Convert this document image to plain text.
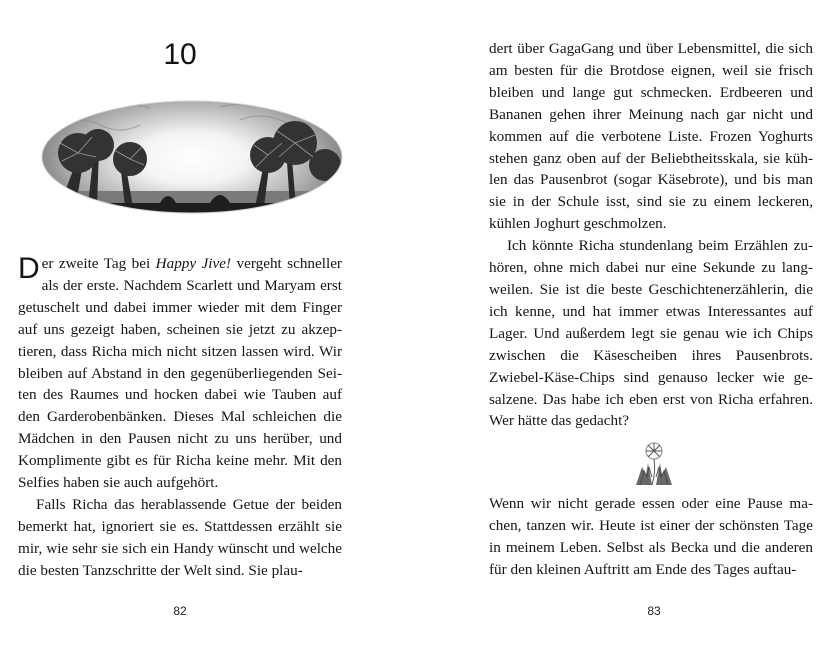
10

Der zweite Tag bei Happy Jive! vergeht schneller als der erste. Nachdem Scarlett und Maryam erst getuschelt und dabei immer wieder mit dem Finger auf uns gezeigt haben, scheinen sie jetzt zu akzeptieren, dass Richa mich nicht sitzen lassen wird. Wir bleiben auf Abstand in den gegenüberliegenden Seiten des Raumes und hocken dabei wie Tauben auf den Garderobenbänken. Dieses Mal schleichen die Mädchen in den Pausen nicht zu uns herüber, und Komplimente gibt es für Richa keine mehr. Mit den Selfies haben sie auch aufgehört.

Falls Richa das herablassende Getue der beiden bemerkt hat, ignoriert sie es. Stattdessen erzählt sie mir, wie sehr sie sich ein Handy wünscht und welche die besten Tanzschritte der Welt sind. Sie plau-

82

dert über GagaGang und über Lebensmittel, die sich am besten für die Brotdose eignen, weil sie frisch bleiben und lange gut schmecken. Erdbeeren und Bananen gehen ihrer Meinung nach gar nicht und kommen auf die verbotene Liste. Frozen Yoghurts stehen ganz oben auf der Beliebtheitsskala, sie kühlen das Pausenbrot (sogar Käsebrote), und bis man sie in der Schule isst, sind sie zu einem leckeren, kühlen Joghurt geschmolzen.

Ich könnte Richa stundenlang beim Erzählen zuhören, ohne mich dabei nur eine Sekunde zu langweilen. Sie ist die beste Geschichtenerzählerin, die ich kenne, und hat immer etwas Interessantes auf Lager. Und außerdem legt sie genau wie ich Chips zwischen die Käsescheiben ihres Pausenbrots. Zwiebel-Käse-Chips sind genauso lecker wie gesalzene. Das habe ich eben erst von Richa erfahren. Wer hätte das gedacht?

Wenn wir nicht gerade essen oder eine Pause machen, tanzen wir. Heute ist einer der schönsten Tage in meinem Leben. Selbst als Becka und die anderen für den kleinen Auftritt am Ende des Tages auftau-

83
